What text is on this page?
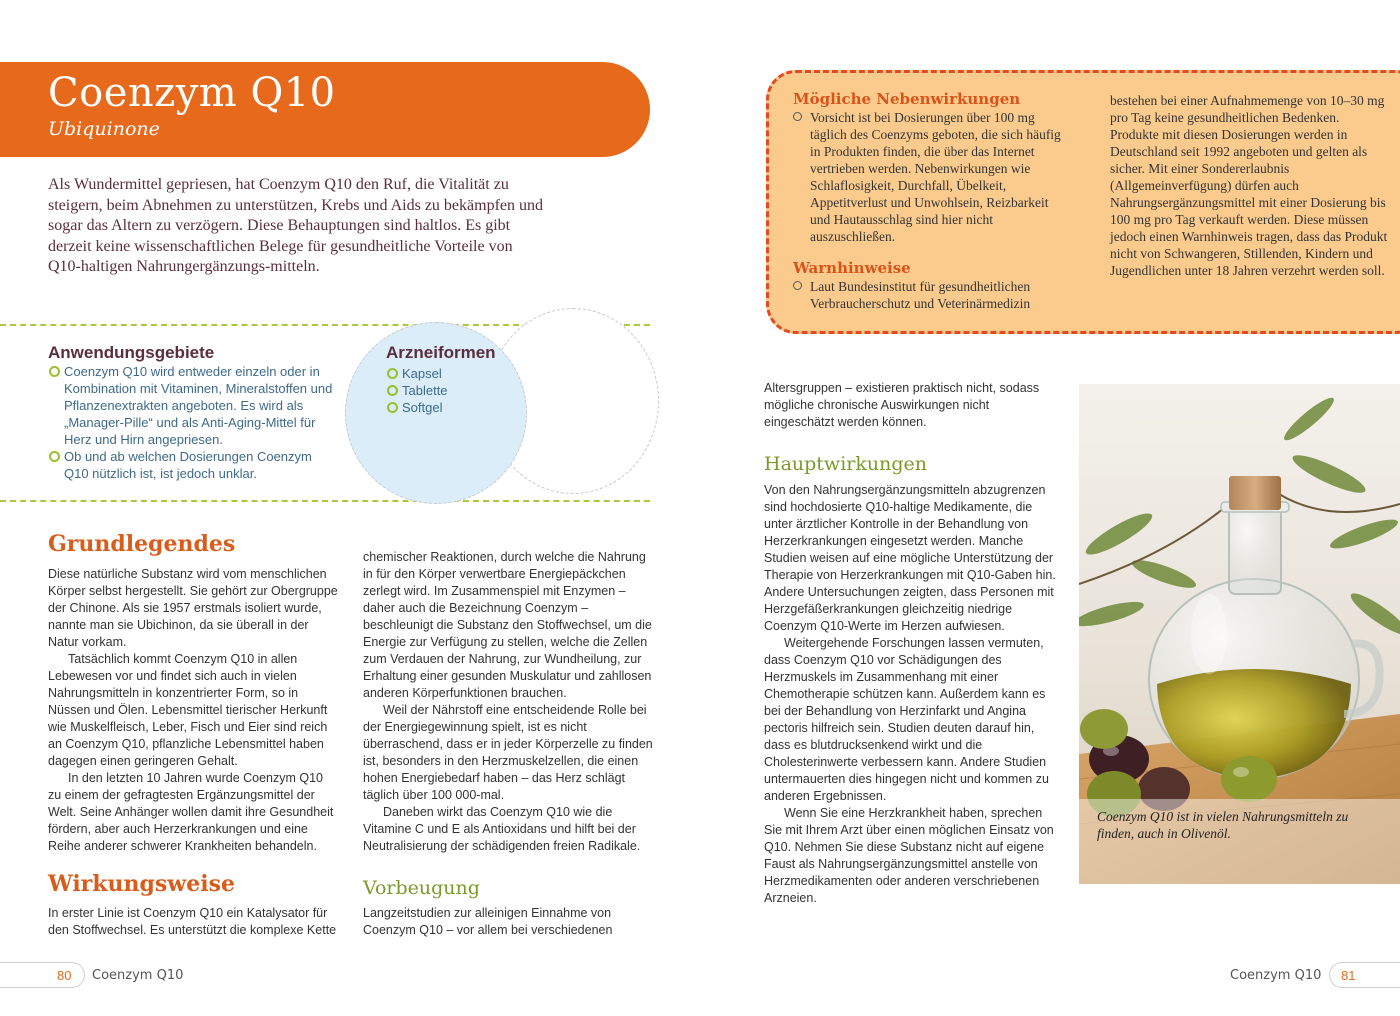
Coenzym Q10
Ubiquinone

Als Wundermittel gepriesen, hat Coenzym Q10 den Ruf, die Vitalität zu steigern, beim Abnehmen zu unterstützen, Krebs und Aids zu bekämpfen und sogar das Altern zu verzögern. Diese Behauptungen sind haltlos. Es gibt derzeit keine wissenschaftlichen Belege für gesundheitliche Vorteile von Q10-haltigen Nahrungergänzungs-mitteln.

Anwendungsgebiete
Coenzym Q10 wird entweder einzeln oder in Kombination mit Vitaminen, Mineralstoffen und Pflanzenextrakten angeboten. Es wird als „Manager-Pille“ und als Anti-Aging-Mittel für Herz und Hirn angepriesen.
Ob und ab welchen Dosierungen Coenzym Q10 nützlich ist, ist jedoch unklar.
Arzneiformen
Kapsel
Tablette
Softgel
Grundlegendes

Diese natürliche Substanz wird vom menschlichen Körper selbst hergestellt. Sie gehört zur Obergruppe der Chinone. Als sie 1957 erstmals isoliert wurde, nannte man sie Ubichinon, da sie überall in der Natur vorkam.

Tatsächlich kommt Coenzym Q10 in allen Lebewesen vor und findet sich auch in vielen Nahrungsmitteln in konzentrierter Form, so in Nüssen und Ölen. Lebensmittel tierischer Herkunft wie Muskelfleisch, Leber, Fisch und Eier sind reich an Coenzym Q10, pflanzliche Lebensmittel haben dagegen einen geringeren Gehalt.

In den letzten 10 Jahren wurde Coenzym Q10 zu einem der gefragtesten Ergänzungsmittel der Welt. Seine Anhänger wollen damit ihre Gesundheit fördern, aber auch Herzerkrankungen und eine Reihe anderer schwerer Krankheiten behandeln.

Wirkungsweise

In erster Linie ist Coenzym Q10 ein Katalysator für den Stoffwechsel. Es unterstützt die komplexe Kette

chemischer Reaktionen, durch welche die Nahrung in für den Körper verwertbare Energiepäckchen zerlegt wird. Im Zusammenspiel mit Enzymen – daher auch die Bezeichnung Coenzym – beschleunigt die Substanz den Stoffwechsel, um die Energie zur Verfügung zu stellen, welche die Zellen zum Verdauen der Nahrung, zur Wundheilung, zur Erhaltung einer gesunden Muskulatur und zahllosen anderen Körperfunktionen brauchen.

Weil der Nährstoff eine entscheidende Rolle bei der Energiegewinnung spielt, ist es nicht überraschend, dass er in jeder Körperzelle zu finden ist, besonders in den Herzmuskelzellen, die einen hohen Energiebedarf haben – das Herz schlägt täglich über 100 000-mal.

Daneben wirkt das Coenzym Q10 wie die Vitamine C und E als Antioxidans und hilft bei der Neutralisierung der schädigenden freien Radikale.

Vorbeugung

Langzeitstudien zur alleinigen Einnahme von Coenzym Q10 – vor allem bei verschiedenen

Mögliche Nebenwirkungen
Vorsicht ist bei Dosierungen über 100 mg täglich des Coenzyms geboten, die sich häufig in Produkten finden, die über das Internet vertrieben werden. Nebenwirkungen wie Schlaflosigkeit, Durchfall, Übelkeit, Appetitverlust und Unwohlsein, Reizbarkeit und Hautausschlag sind hier nicht auszuschließen.
Warnhinweise
Laut Bundesinstitut für gesundheitlichen Verbraucherschutz und Veterinärmedizin

bestehen bei einer Aufnahmemenge von 10–30 mg pro Tag keine gesundheitlichen Bedenken. Produkte mit diesen Dosierungen werden in Deutschland seit 1992 angeboten und gelten als sicher. Mit einer Sondererlaubnis (Allgemeinverfügung) dürfen auch Nahrungsergänzungsmittel mit einer Dosierung bis 100 mg pro Tag verkauft werden. Diese müssen jedoch einen Warnhinweis tragen, dass das Produkt nicht von Schwangeren, Stillenden, Kindern und Jugendlichen unter 18 Jahren verzehrt werden soll.

Altersgruppen – existieren praktisch nicht, sodass mögliche chronische Auswirkungen nicht eingeschätzt werden können.

Hauptwirkungen

Von den Nahrungsergänzungsmitteln abzugrenzen sind hochdosierte Q10-haltige Medikamente, die unter ärztlicher Kontrolle in der Behandlung von Herzerkrankungen eingesetzt werden. Manche Studien weisen auf eine mögliche Unterstützung der Therapie von Herzerkrankungen mit Q10-Gaben hin. Andere Untersuchungen zeigten, dass Personen mit Herzgefäßerkrankungen gleichzeitig niedrige Coenzym Q10-Werte im Herzen aufwiesen.

Weitergehende Forschungen lassen vermuten, dass Coenzym Q10 vor Schädigungen des Herzmuskels im Zusammenhang mit einer Chemotherapie schützen kann. Außerdem kann es bei der Behandlung von Herzinfarkt und Angina pectoris hilfreich sein. Studien deuten darauf hin, dass es blutdrucksenkend wirkt und die Cholesterinwerte verbessern kann. Andere Studien untermauerten dies hingegen nicht und kommen zu anderen Ergebnissen.

Wenn Sie eine Herzkrankheit haben, sprechen Sie mit Ihrem Arzt über einen möglichen Einsatz von Q10. Nehmen Sie diese Substanz nicht auf eigene Faust als Nahrungsergänzungsmittel anstelle von Herzmedikamenten oder anderen verschriebenen Arzneien.

Coenzym Q10 ist in vielen Nahrungsmitteln zu finden, auch in Olivenöl.
80 Coenzym Q10	81
Coenzym Q10
